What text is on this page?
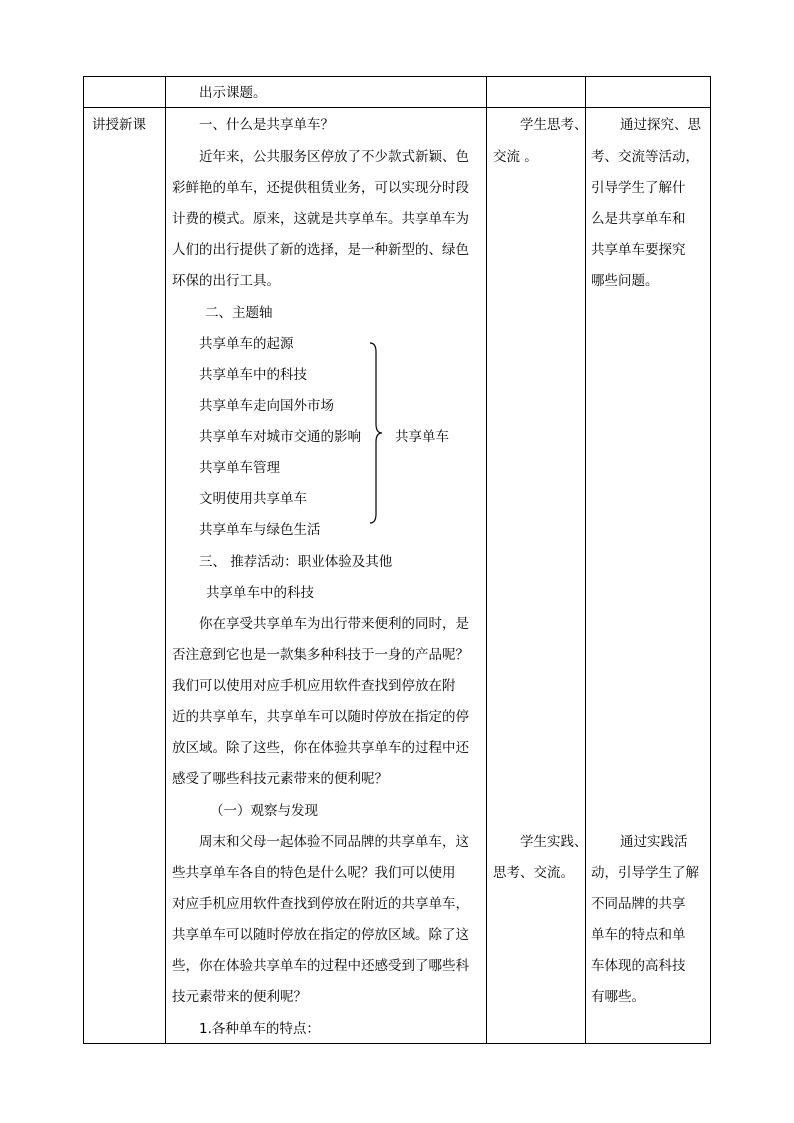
出示课题。
讲授新课	一、什么是共享单车？
近年来，公共服务区停放了不少款式新颖、色
彩鲜艳的单车，还提供租赁业务，可以实现分时段
计费的模式。原来，这就是共享单车。共享单车为
人们的出行提供了新的选择，是一种新型的、绿色
环保的出行工具。
二、主题轴
共享单车的起源
共享单车中的科技
共享单车走向国外市场
共享单车对城市交通的影响
共享单车管理
文明使用共享单车
共享单车与绿色生活
共享单车
三、 推荐活动：职业体验及其他
共享单车中的科技
你在享受共享单车为出行带来便利的同时，是
否注意到它也是一款集多种科技于一身的产品呢？
我们可以使用对应手机应用软件查找到停放在附
近的共享单车，共享单车可以随时停放在指定的停
放区域。除了这些，你在体验共享单车的过程中还
感受了哪些科技元素带来的便利呢？
（一）观察与发现
周末和父母一起体验不同品牌的共享单车，这
些共享单车各自的特色是什么呢？我们可以使用
对应手机应用软件查找到停放在附近的共享单车，
共享单车可以随时停放在指定的停放区域。除了这
些，你在体验共享单车的过程中还感受到了哪些科
技元素带来的便利呢？
1.各种单车的特点：
学生思考、
交流 。
学生实践、
思考、交流。
通过探究、思
考、交流等活动，
引导学生了解什
么是共享单车和
共享单车要探究
哪些问题。
通过实践活
动，引导学生了解
不同品牌的共享
单车的特点和单
车体现的高科技
有哪些。
